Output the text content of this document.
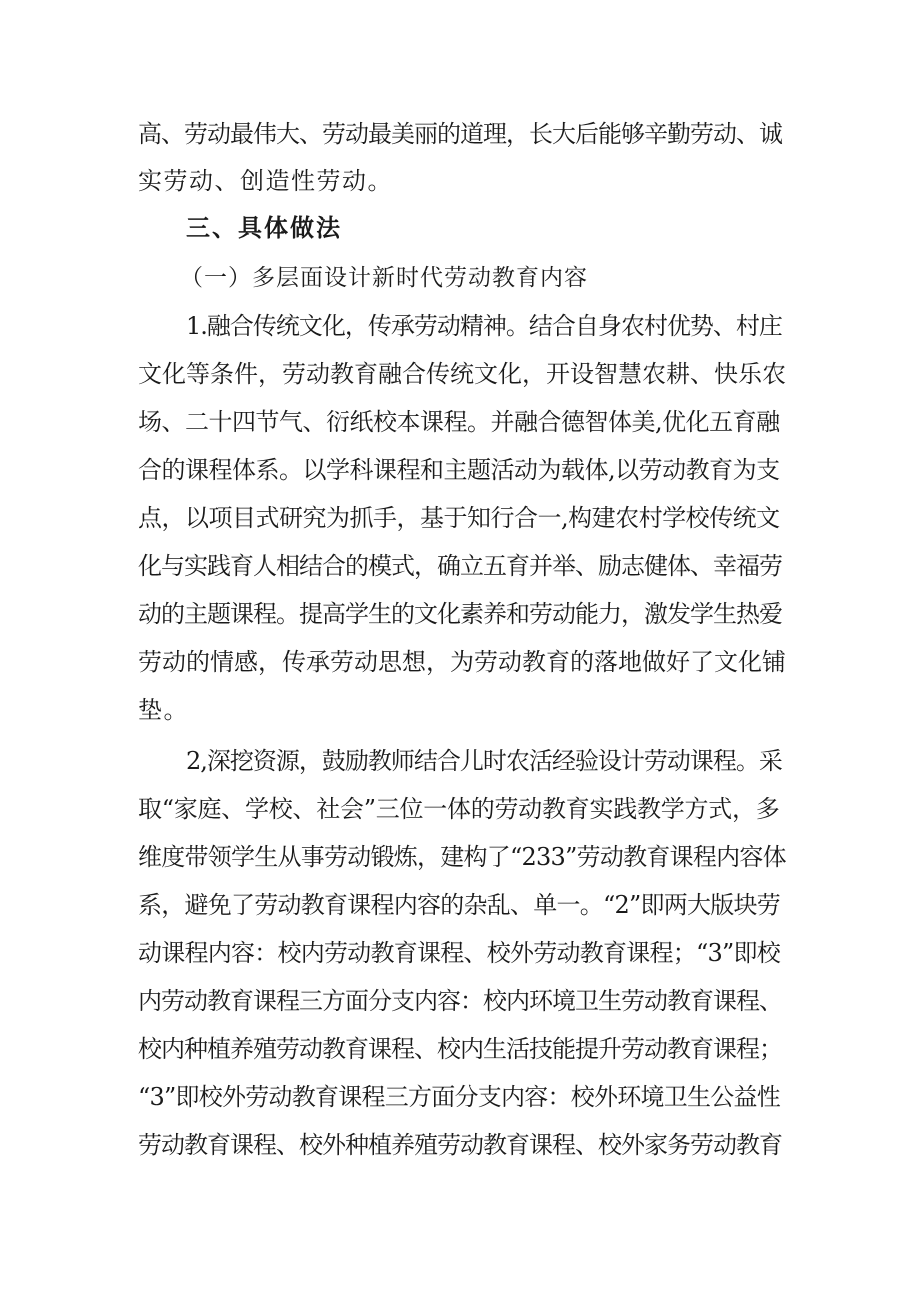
高、劳动最伟大、劳动最美丽的道理，长大后能够辛勤劳动、诚
实劳动、创造性劳动。
三、具体做法
（一）多层面设计新时代劳动教育内容
1.融合传统文化，传承劳动精神。结合自身农村优势、村庄
文化等条件，劳动教育融合传统文化，开设智慧农耕、快乐农
场、二十四节气、衍纸校本课程。并融合德智体美,优化五育融
合的课程体系。以学科课程和主题活动为载体,以劳动教育为支
点，以项目式研究为抓手，基于知行合一,构建农村学校传统文
化与实践育人相结合的模式，确立五育并举、励志健体、幸福劳
动的主题课程。提高学生的文化素养和劳动能力，激发学生热爱
劳动的情感，传承劳动思想，为劳动教育的落地做好了文化铺
垫。
2,深挖资源，鼓励教师结合儿时农活经验设计劳动课程。采
取“家庭、学校、社会”三位一体的劳动教育实践教学方式，多
维度带领学生从事劳动锻炼，建构了“233”劳动教育课程内容体
系，避免了劳动教育课程内容的杂乱、单一。“2”即两大版块劳
动课程内容：校内劳动教育课程、校外劳动教育课程；“3”即校
内劳动教育课程三方面分支内容：校内环境卫生劳动教育课程、
校内种植养殖劳动教育课程、校内生活技能提升劳动教育课程；
“3”即校外劳动教育课程三方面分支内容：校外环境卫生公益性
劳动教育课程、校外种植养殖劳动教育课程、校外家务劳动教育
